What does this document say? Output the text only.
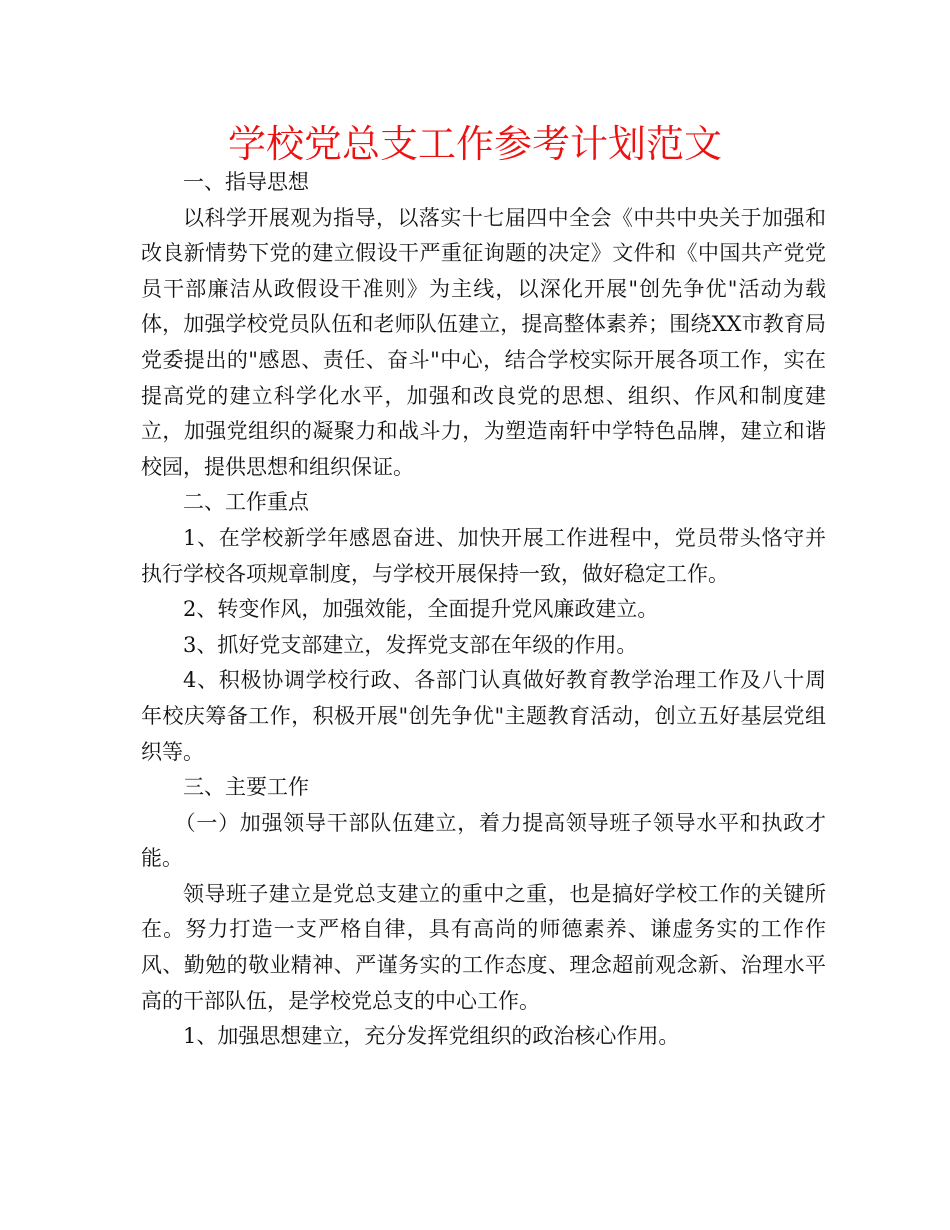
学校党总支工作参考计划范文

一、指导思想

以科学开展观为指导，以落实十七届四中全会《中共中央关于加强和改良新情势下党的建立假设干严重征询题的决定》文件和《中国共产党党员干部廉洁从政假设干准则》为主线，以深化开展"创先争优"活动为载体，加强学校党员队伍和老师队伍建立，提高整体素养；围绕XX市教育局党委提出的"感恩、责任、奋斗"中心，结合学校实际开展各项工作，实在提高党的建立科学化水平，加强和改良党的思想、组织、作风和制度建立，加强党组织的凝聚力和战斗力，为塑造南轩中学特色品牌，建立和谐校园，提供思想和组织保证。

二、工作重点

1、在学校新学年感恩奋进、加快开展工作进程中，党员带头恪守并执行学校各项规章制度，与学校开展保持一致，做好稳定工作。

2、转变作风，加强效能，全面提升党风廉政建立。

3、抓好党支部建立，发挥党支部在年级的作用。

4、积极协调学校行政、各部门认真做好教育教学治理工作及八十周年校庆筹备工作，积极开展"创先争优"主题教育活动，创立五好基层党组织等。

三、主要工作

（一）加强领导干部队伍建立，着力提高领导班子领导水平和执政才能。

领导班子建立是党总支建立的重中之重，也是搞好学校工作的关键所在。努力打造一支严格自律，具有高尚的师德素养、谦虚务实的工作作风、勤勉的敬业精神、严谨务实的工作态度、理念超前观念新、治理水平高的干部队伍，是学校党总支的中心工作。

1、加强思想建立，充分发挥党组织的政治核心作用。
